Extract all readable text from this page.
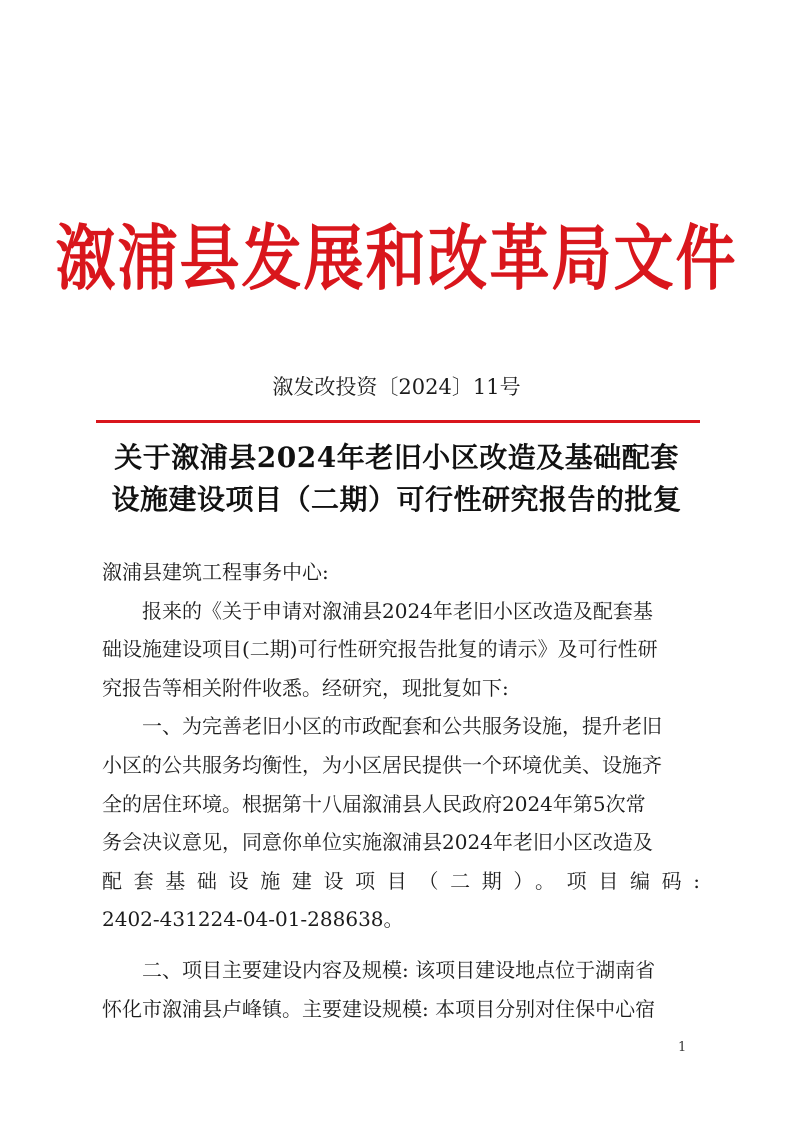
溆浦县发展和改革局文件
溆发改投资〔2024〕11号
关于溆浦县2024年老旧小区改造及基础配套
设施建设项目（二期）可行性研究报告的批复
溆浦县建筑工程事务中心:
报来的《关于申请对溆浦县2024年老旧小区改造及配套基
础设施建设项目(二期)可行性研究报告批复的请示》及可行性研
究报告等相关附件收悉。经研究，现批复如下:
一、为完善老旧小区的市政配套和公共服务设施，提升老旧
小区的公共服务均衡性，为小区居民提供一个环境优美、设施齐
全的居住环境。根据第十八届溆浦县人民政府2024年第5次常
务会决议意见，同意你单位实施溆浦县2024年老旧小区改造及
配套基础设施建设项目（二期）。项目编码:
2402-431224-04-01-288638。
二、项目主要建设内容及规模: 该项目建设地点位于湖南省
怀化市溆浦县卢峰镇。主要建设规模: 本项目分别对住保中心宿
1
